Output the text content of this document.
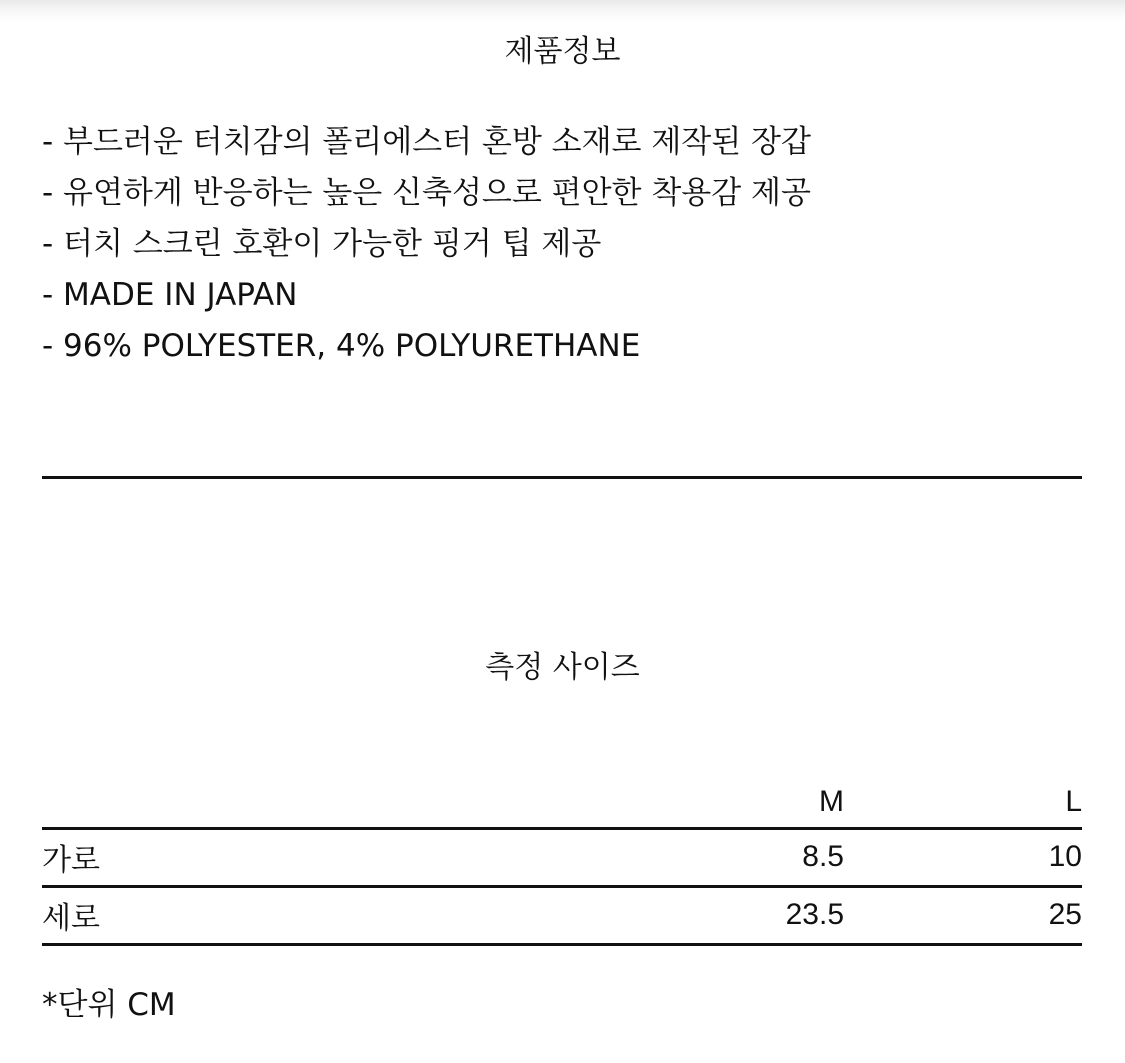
제품정보
- 부드러운 터치감의 폴리에스터 혼방 소재로 제작된 장갑
- 유연하게 반응하는 높은 신축성으로 편안한 착용감 제공
- 터치 스크린 호환이 가능한 핑거 팁 제공
- MADE IN JAPAN
- 96% POLYESTER, 4% POLYURETHANE
측정 사이즈
	M	L
가로	8.5	10
세로	23.5	25

*단위 CM
